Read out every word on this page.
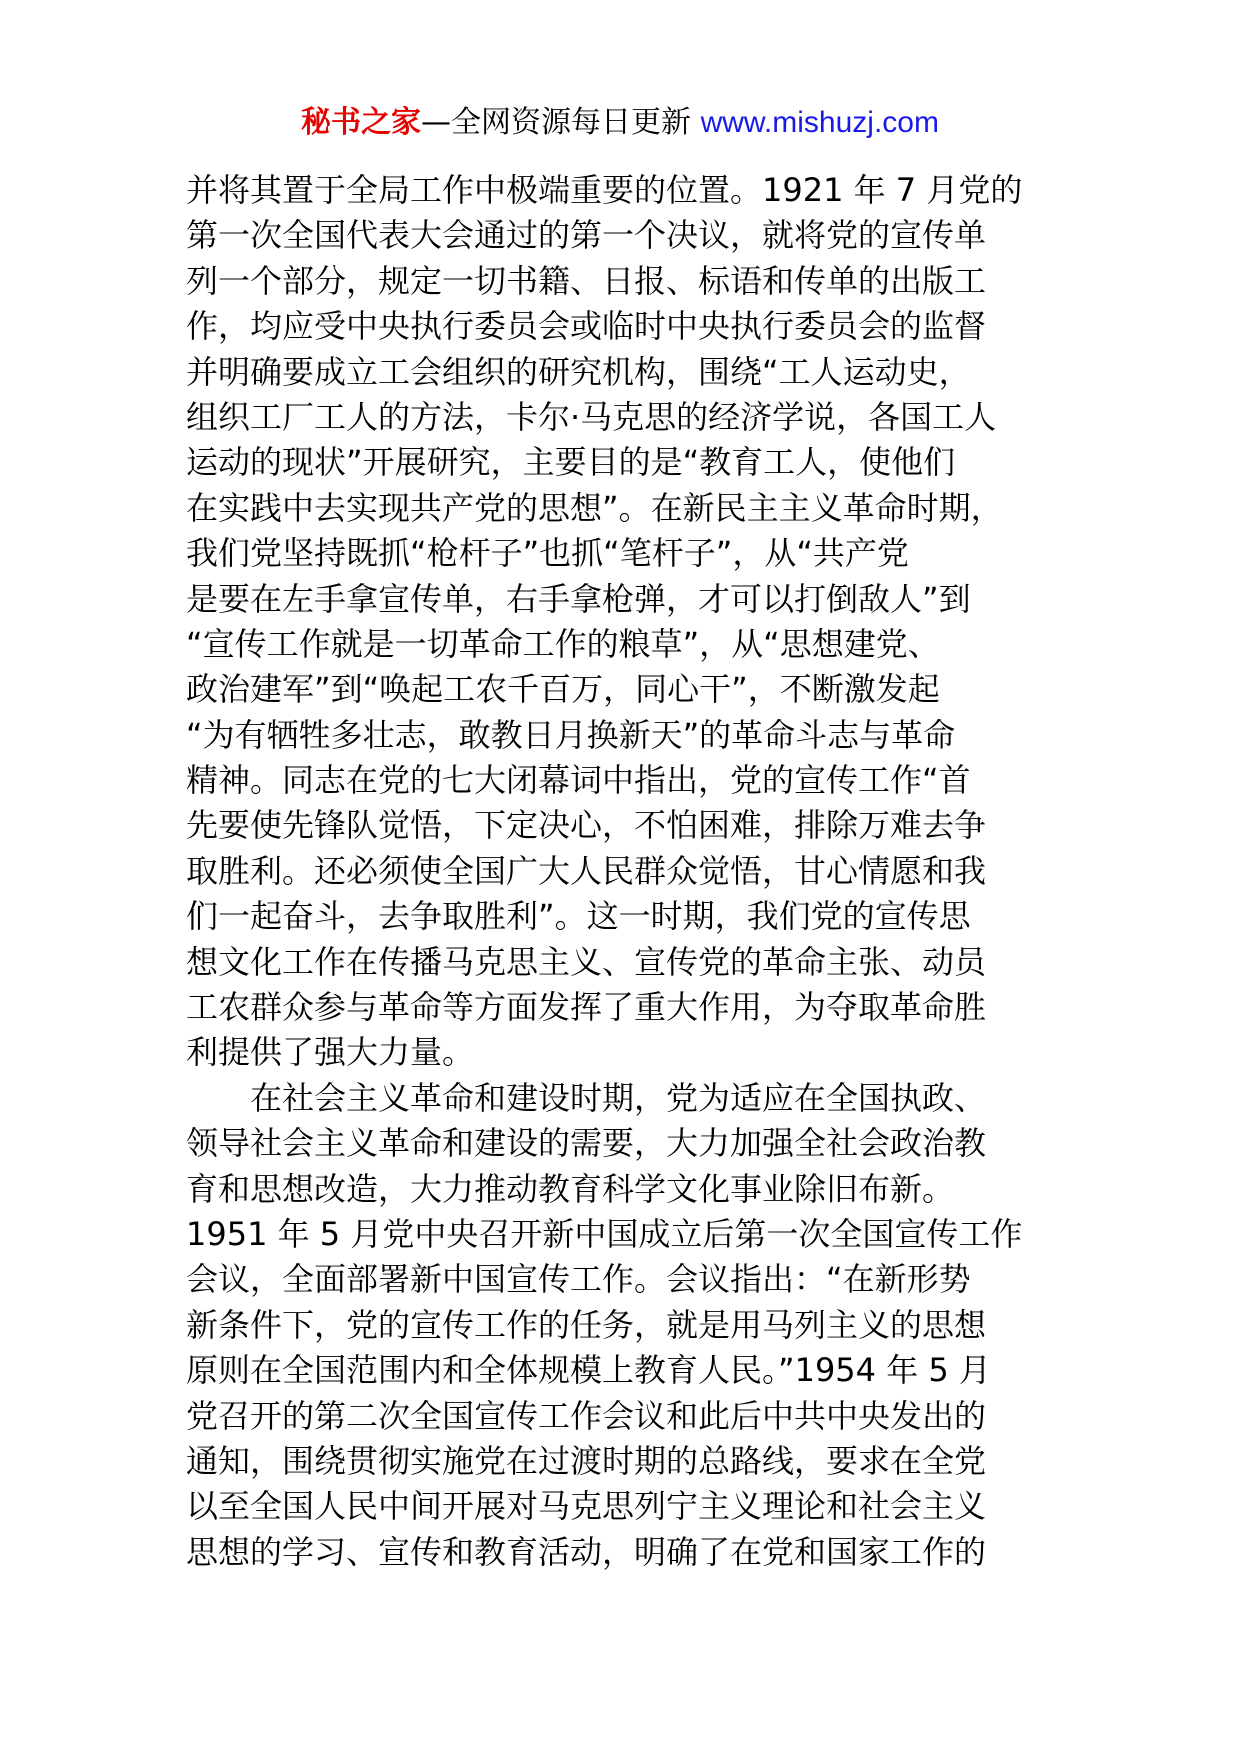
秘书之家—全网资源每日更新 www.mishuzj.com
并将其置于全局工作中极端重要的位置。1921 年 7 月党的
第一次全国代表大会通过的第一个决议，就将党的宣传单
列一个部分，规定一切书籍、日报、标语和传单的出版工
作，均应受中央执行委员会或临时中央执行委员会的监督
并明确要成立工会组织的研究机构，围绕“工人运动史，
组织工厂工人的方法，卡尔·马克思的经济学说，各国工人
运动的现状”开展研究，主要目的是“教育工人，使他们
在实践中去实现共产党的思想”。在新民主主义革命时期，
我们党坚持既抓“枪杆子”也抓“笔杆子”，从“共产党
是要在左手拿宣传单，右手拿枪弹，才可以打倒敌人”到
“宣传工作就是一切革命工作的粮草”，从“思想建党、
政治建军”到“唤起工农千百万，同心干”，不断激发起
“为有牺牲多壮志，敢教日月换新天”的革命斗志与革命
精神。同志在党的七大闭幕词中指出，党的宣传工作“首
先要使先锋队觉悟，下定决心，不怕困难，排除万难去争
取胜利。还必须使全国广大人民群众觉悟，甘心情愿和我
们一起奋斗，去争取胜利”。这一时期，我们党的宣传思
想文化工作在传播马克思主义、宣传党的革命主张、动员
工农群众参与革命等方面发挥了重大作用，为夺取革命胜
利提供了强大力量。
在社会主义革命和建设时期，党为适应在全国执政、
领导社会主义革命和建设的需要，大力加强全社会政治教
育和思想改造，大力推动教育科学文化事业除旧布新。
1951 年 5 月党中央召开新中国成立后第一次全国宣传工作
会议，全面部署新中国宣传工作。会议指出：“在新形势
新条件下，党的宣传工作的任务，就是用马列主义的思想
原则在全国范围内和全体规模上教育人民。”1954 年 5 月
党召开的第二次全国宣传工作会议和此后中共中央发出的
通知，围绕贯彻实施党在过渡时期的总路线，要求在全党
以至全国人民中间开展对马克思列宁主义理论和社会主义
思想的学习、宣传和教育活动，明确了在党和国家工作的
